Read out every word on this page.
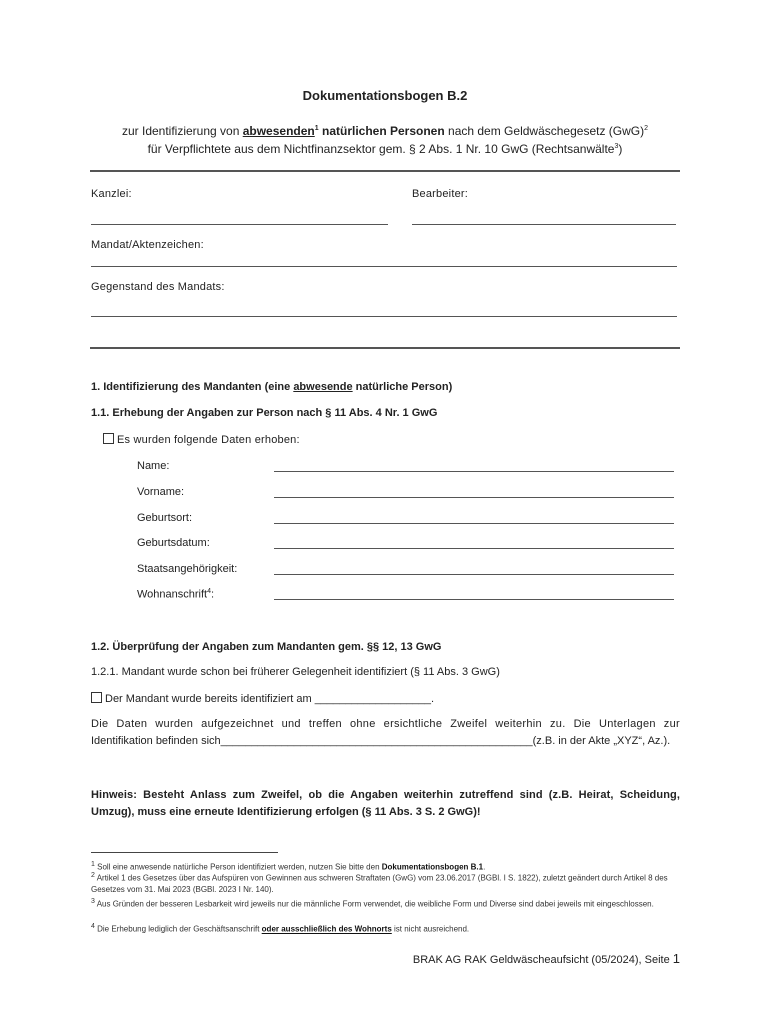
Dokumentationsbogen B.2
zur Identifizierung von abwesenden$^1$ natürlichen Personen nach dem Geldwäschegesetz (GwG)$^2$
für Verpflichtete aus dem Nichtfinanzsektor gem. § 2 Abs. 1 Nr. 10 GwG (Rechtsanwälte$^3$)
Kanzlei:	Bearbeiter:
Mandat/Aktenzeichen:
Gegenstand des Mandats:
1. Identifizierung des Mandanten (eine abwesende natürliche Person)
1.1. Erhebung der Angaben zur Person nach § 11 Abs. 4 Nr. 1 GwG
Es wurden folgende Daten erhoben:
Name:
Vorname:
Geburtsort:
Geburtsdatum:
Staatsangehörigkeit:
Wohnanschrift$^4$:
1.2. Überprüfung der Angaben zum Mandanten gem. §§ 12, 13 GwG
1.2.1. Mandant wurde schon bei früherer Gelegenheit identifiziert (§ 11 Abs. 3 GwG)
Der Mandant wurde bereits identifiziert am ___________________.
Die Daten wurden aufgezeichnet und treffen ohne ersichtliche Zweifel weiterhin zu. Die Unterlagen zur
Identifikation befinden sich___________________________________________________(z.B. in der Akte „XYZ“, Az.).
Hinweis: Besteht Anlass zum Zweifel, ob die Angaben weiterhin zutreffend sind (z.B. Heirat, Scheidung,
Umzug), muss eine erneute Identifizierung erfolgen (§ 11 Abs. 3 S. 2 GwG)!
$^1$ Soll eine anwesende natürliche Person identifiziert werden, nutzen Sie bitte den Dokumentationsbogen B.1.
$^2$ Artikel 1 des Gesetzes über das Aufspüren von Gewinnen aus schweren Straftaten (GwG) vom 23.06.2017 (BGBl. I S. 1822), zuletzt geändert durch Artikel 8 des Gesetzes vom 31. Mai 2023 (BGBl. 2023 I Nr. 140).
$^3$ Aus Gründen der besseren Lesbarkeit wird jeweils nur die männliche Form verwendet, die weibliche Form und Diverse sind dabei jeweils mit eingeschlossen.
$^4$ Die Erhebung lediglich der Geschäftsanschrift oder ausschließlich des Wohnorts ist nicht ausreichend.
BRAK AG RAK Geldwäscheaufsicht (05/2024), Seite 1
